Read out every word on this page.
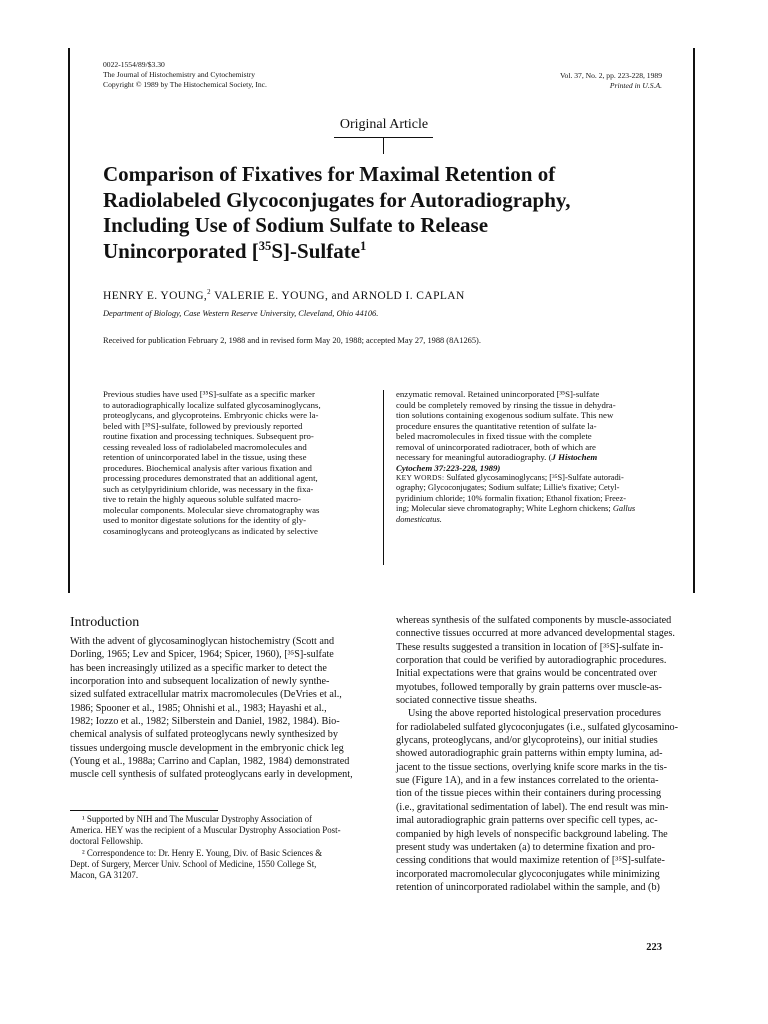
0022-1554/89/$3.30
The Journal of Histochemistry and Cytochemistry
Copyright © 1989 by The Histochemical Society, Inc.
Vol. 37, No. 2, pp. 223-228, 1989
Printed in U.S.A.
Original Article
Comparison of Fixatives for Maximal Retention of
Radiolabeled Glycoconjugates for Autoradiography,
Including Use of Sodium Sulfate to Release
Unincorporated [$^{35}$S]-Sulfate$^1$
HENRY E. YOUNG,$^2$ VALERIE E. YOUNG, and ARNOLD I. CAPLAN
Department of Biology, Case Western Reserve University, Cleveland, Ohio 44106.
Received for publication February 2, 1988 and in revised form May 20, 1988; accepted May 27, 1988 (8A1265).
Previous studies have used [³⁵S]-sulfate as a specific marker
to autoradiographically localize sulfated glycosaminoglycans,
proteoglycans, and glycoproteins. Embryonic chicks were la-
beled with [³⁵S]-sulfate, followed by previously reported
routine fixation and processing techniques. Subsequent pro-
cessing revealed loss of radiolabeled macromolecules and
retention of unincorporated label in the tissue, using these
procedures. Biochemical analysis after various fixation and
processing procedures demonstrated that an additional agent,
such as cetylpyridinium chloride, was necessary in the fixa-
tive to retain the highly aqueous soluble sulfated macro-
molecular components. Molecular sieve chromatography was
used to monitor digestate solutions for the identity of gly-
cosaminoglycans and proteoglycans as indicated by selective
enzymatic removal. Retained unincorporated [³⁵S]-sulfate
could be completely removed by rinsing the tissue in dehydra-
tion solutions containing exogenous sodium sulfate. This new
procedure ensures the quantitative retention of sulfate la-
beled macromolecules in fixed tissue with the complete
removal of unincorporated radiotracer, both of which are
necessary for meaningful autoradiography. (J Histochem
Cytochem 37:223-228, 1989)
KEY WORDS: Sulfated glycosaminoglycans; [³⁵S]-Sulfate autoradi-
ography; Glycoconjugates; Sodium sulfate; Lillie's fixative; Cetyl-
pyridinium chloride; 10% formalin fixation; Ethanol fixation; Freez-
ing; Molecular sieve chromatography; White Leghorn chickens; Gallus
domesticatus.
Introduction
With the advent of glycosaminoglycan histochemistry (Scott and
Dorling, 1965; Lev and Spicer, 1964; Spicer, 1960), [³⁵S]-sulfate
has been increasingly utilized as a specific marker to detect the
incorporation into and subsequent localization of newly synthe-
sized sulfated extracellular matrix macromolecules (DeVries et al.,
1986; Spooner et al., 1985; Ohnishi et al., 1983; Hayashi et al.,
1982; Iozzo et al., 1982; Silberstein and Daniel, 1982, 1984). Bio-
chemical analysis of sulfated proteoglycans newly synthesized by
tissues undergoing muscle development in the embryonic chick leg
(Young et al., 1988a; Carrino and Caplan, 1982, 1984) demonstrated
muscle cell synthesis of sulfated proteoglycans early in development,
whereas synthesis of the sulfated components by muscle-associated
connective tissues occurred at more advanced developmental stages.
These results suggested a transition in location of [³⁵S]-sulfate in-
corporation that could be verified by autoradiographic procedures.
Initial expectations were that grains would be concentrated over
myotubes, followed temporally by grain patterns over muscle-as-
sociated connective tissue sheaths.
Using the above reported histological preservation procedures
for radiolabeled sulfated glycoconjugates (i.e., sulfated glycosamino-
glycans, proteoglycans, and/or glycoproteins), our initial studies
showed autoradiographic grain patterns within empty lumina, ad-
jacent to the tissue sections, overlying knife score marks in the tis-
sue (Figure 1A), and in a few instances correlated to the orienta-
tion of the tissue pieces within their containers during processing
(i.e., gravitational sedimentation of label). The end result was min-
imal autoradiographic grain patterns over specific cell types, ac-
companied by high levels of nonspecific background labeling. The
present study was undertaken (a) to determine fixation and pro-
cessing conditions that would maximize retention of [³⁵S]-sulfate-
incorporated macromolecular glycoconjugates while minimizing
retention of unincorporated radiolabel within the sample, and (b)
¹ Supported by NIH and The Muscular Dystrophy Association of
America. HEY was the recipient of a Muscular Dystrophy Association Post-
doctoral Fellowship.
² Correspondence to: Dr. Henry E. Young, Div. of Basic Sciences &
Dept. of Surgery, Mercer Univ. School of Medicine, 1550 College St,
Macon, GA 31207.
223
